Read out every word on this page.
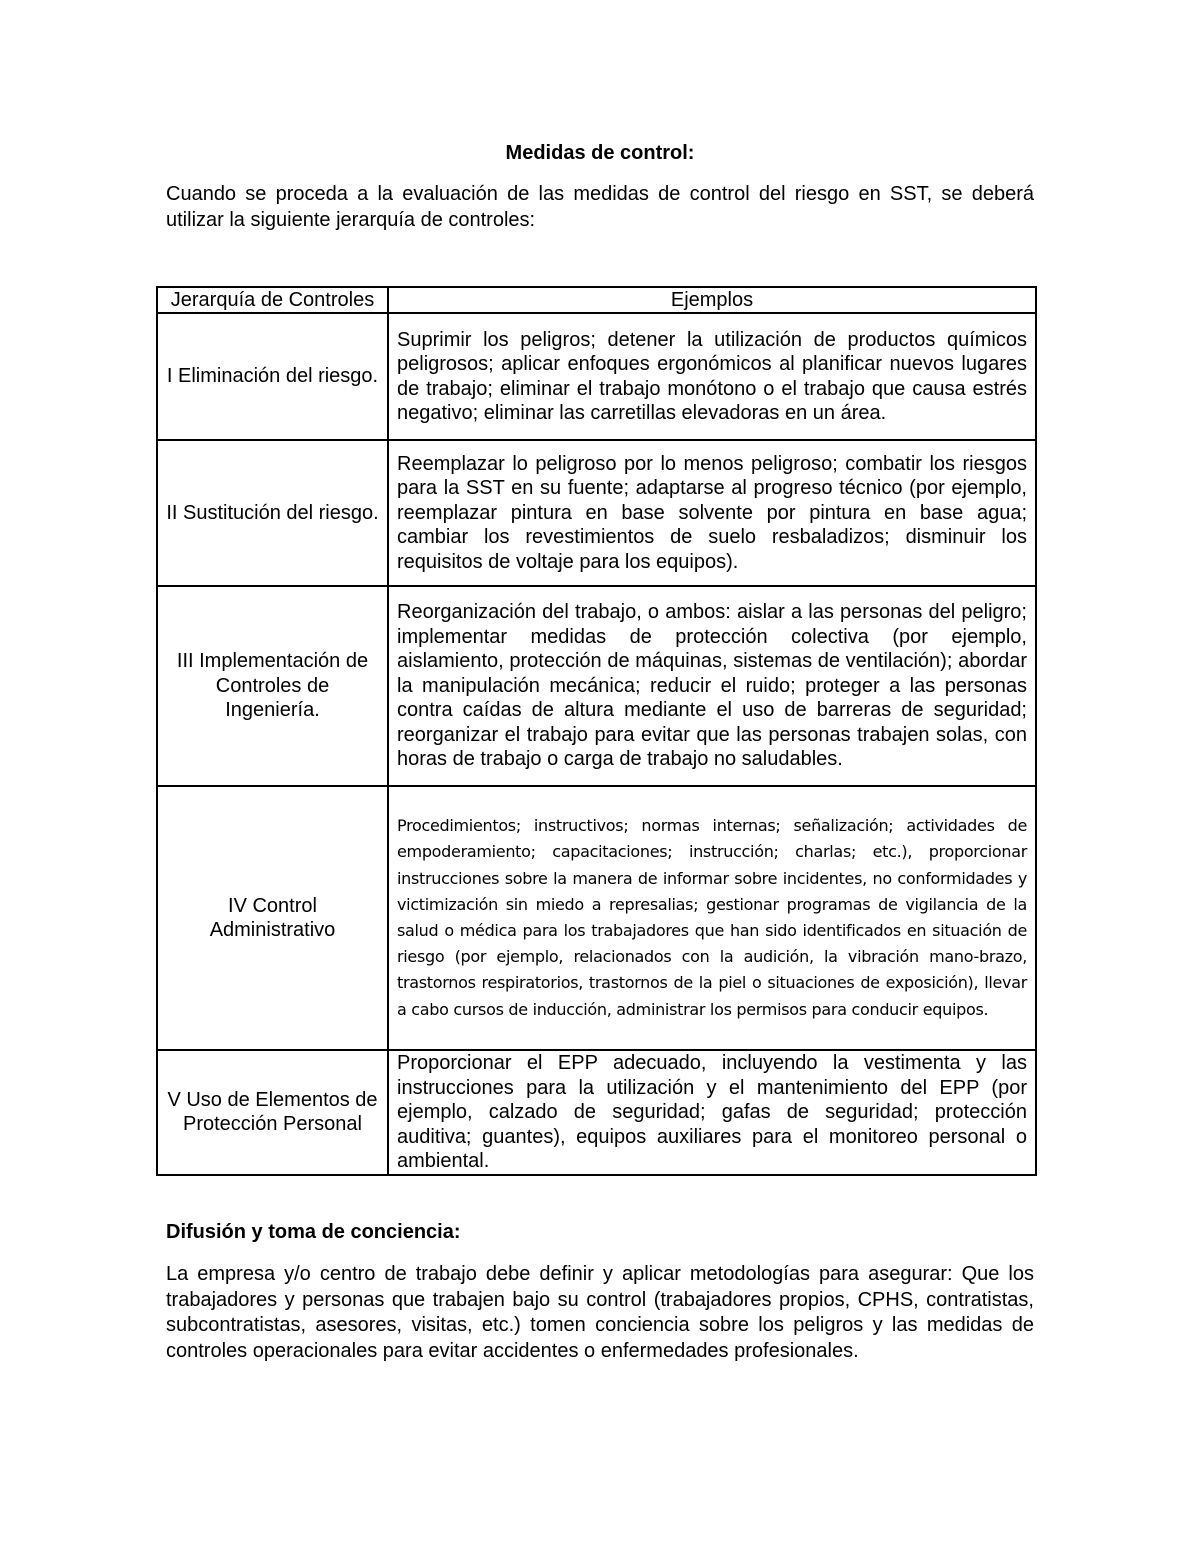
Medidas de control:

Cuando se proceda a la evaluación de las medidas de control del riesgo en SST, se deberá utilizar la siguiente jerarquía de controles:

Jerarquía de Controles	Ejemplos
I Eliminación del riesgo.	Suprimir los peligros; detener la utilización de productos químicos peligrosos; aplicar enfoques ergonómicos al planificar nuevos lugares de trabajo; eliminar el trabajo monótono o el trabajo que causa estrés negativo; eliminar las carretillas elevadoras en un área.
II Sustitución del riesgo.	Reemplazar lo peligroso por lo menos peligroso; combatir los riesgos para la SST en su fuente; adaptarse al progreso técnico (por ejemplo, reemplazar pintura en base solvente por pintura en base agua; cambiar los revestimientos de suelo resbaladizos; disminuir los requisitos de voltaje para los equipos).
III Implementación de Controles de Ingeniería.	Reorganización del trabajo, o ambos: aislar a las personas del peligro; implementar medidas de protección colectiva (por ejemplo, aislamiento, protección de máquinas, sistemas de ventilación); abordar la manipulación mecánica; reducir el ruido; proteger a las personas contra caídas de altura mediante el uso de barreras de seguridad; reorganizar el trabajo para evitar que las personas trabajen solas, con horas de trabajo o carga de trabajo no saludables.
IV Control Administrativo	Procedimientos; instructivos; normas internas; señalización; actividades de empoderamiento; capacitaciones; instrucción; charlas; etc.), proporcionar instrucciones sobre la manera de informar sobre incidentes, no conformidades y victimización sin miedo a represalias; gestionar programas de vigilancia de la salud o médica para los trabajadores que han sido identificados en situación de riesgo (por ejemplo, relacionados con la audición, la vibración mano-brazo, trastornos respiratorios, trastornos de la piel o situaciones de exposición), llevar a cabo cursos de inducción, administrar los permisos para conducir equipos.
V Uso de Elementos de Protección Personal	Proporcionar el EPP adecuado, incluyendo la vestimenta y las instrucciones para la utilización y el mantenimiento del EPP (por ejemplo, calzado de seguridad; gafas de seguridad; protección auditiva; guantes), equipos auxiliares para el monitoreo personal o ambiental.
Difusión y toma de conciencia:

La empresa y/o centro de trabajo debe definir y aplicar metodologías para asegurar: Que los trabajadores y personas que trabajen bajo su control (trabajadores propios, CPHS, contratistas, subcontratistas, asesores, visitas, etc.) tomen conciencia sobre los peligros y las medidas de controles operacionales para evitar accidentes o enfermedades profesionales.
